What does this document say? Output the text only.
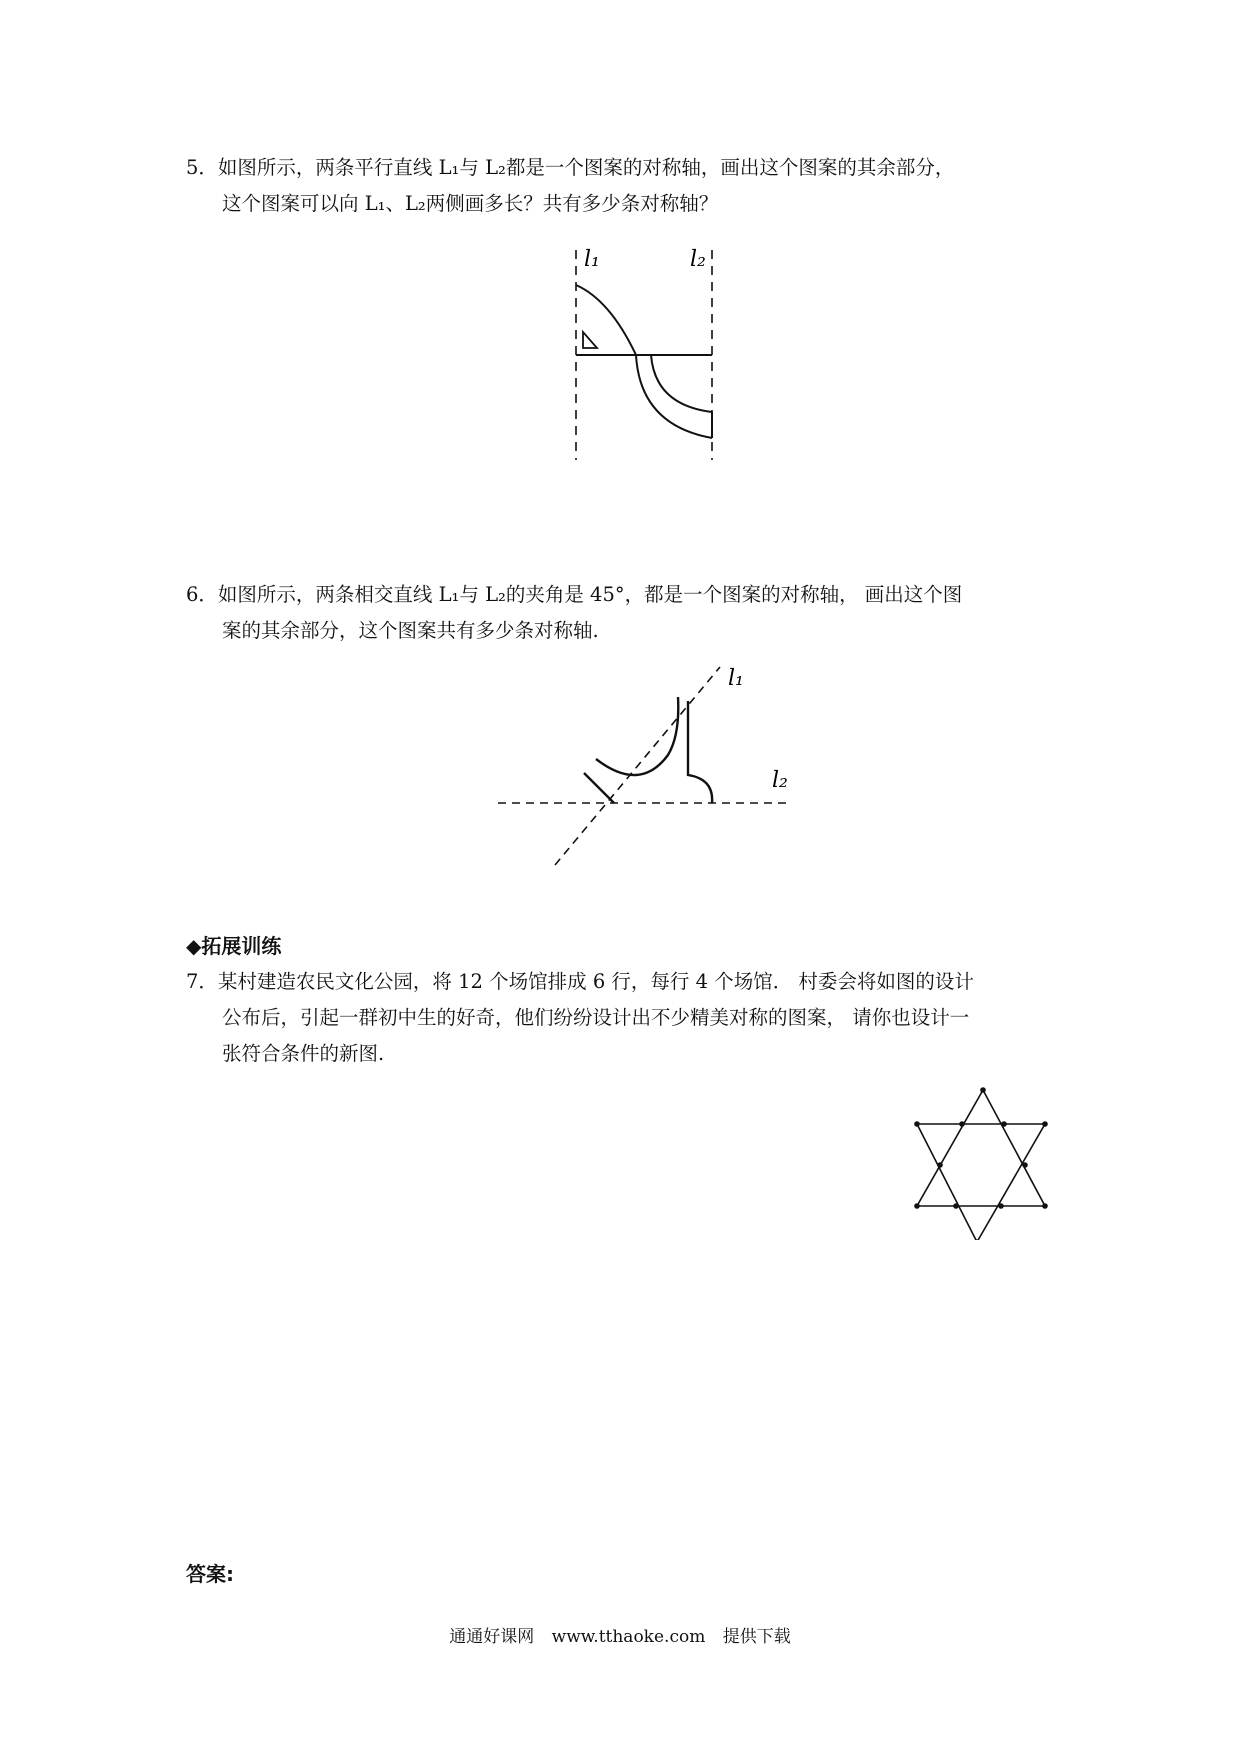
5．如图所示，两条平行直线 L₁与 L₂都是一个图案的对称轴，画出这个图案的其余部分，
这个图案可以向 L₁、L₂两侧画多长？共有多少条对称轴？
l₁	l₂
6．如图所示，两条相交直线 L₁与 L₂的夹角是 45°，都是一个图案的对称轴， 画出这个图
案的其余部分，这个图案共有多少条对称轴.
l₁
l₂
◆拓展训练
7．某村建造农民文化公园，将 12 个场馆排成 6 行，每行 4 个场馆． 村委会将如图的设计
公布后，引起一群初中生的好奇，他们纷纷设计出不少精美对称的图案， 请你也设计一
张符合条件的新图.
答案:
通通好课网 www.tthaoke.com 提供下载
